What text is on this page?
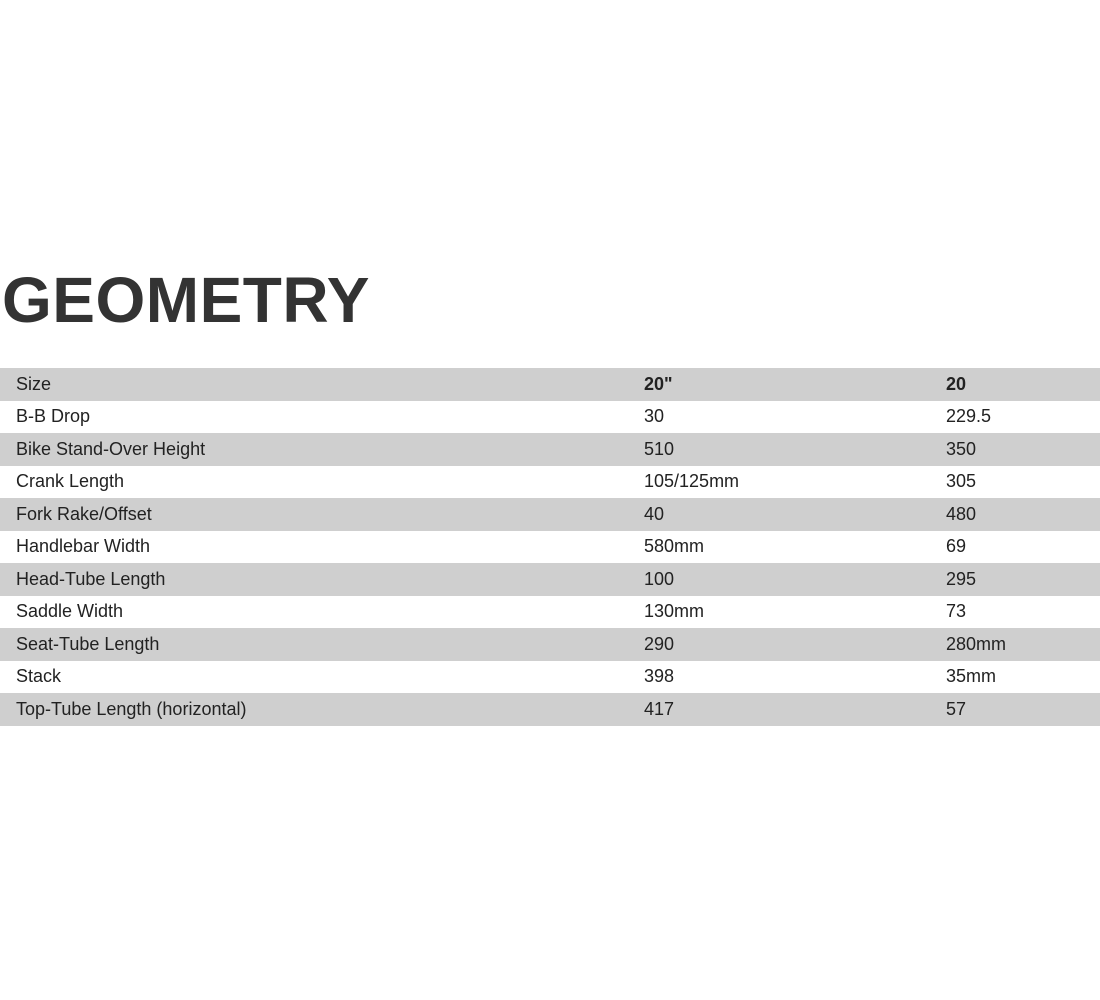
GEOMETRY
Size	20"	20
B-B Drop	30	229.5
Bike Stand-Over Height	510	350
Crank Length	105/125mm	305
Fork Rake/Offset	40	480
Handlebar Width	580mm	69
Head-Tube Length	100	295
Saddle Width	130mm	73
Seat-Tube Length	290	280mm
Stack	398	35mm
Top-Tube Length (horizontal)	417	57
